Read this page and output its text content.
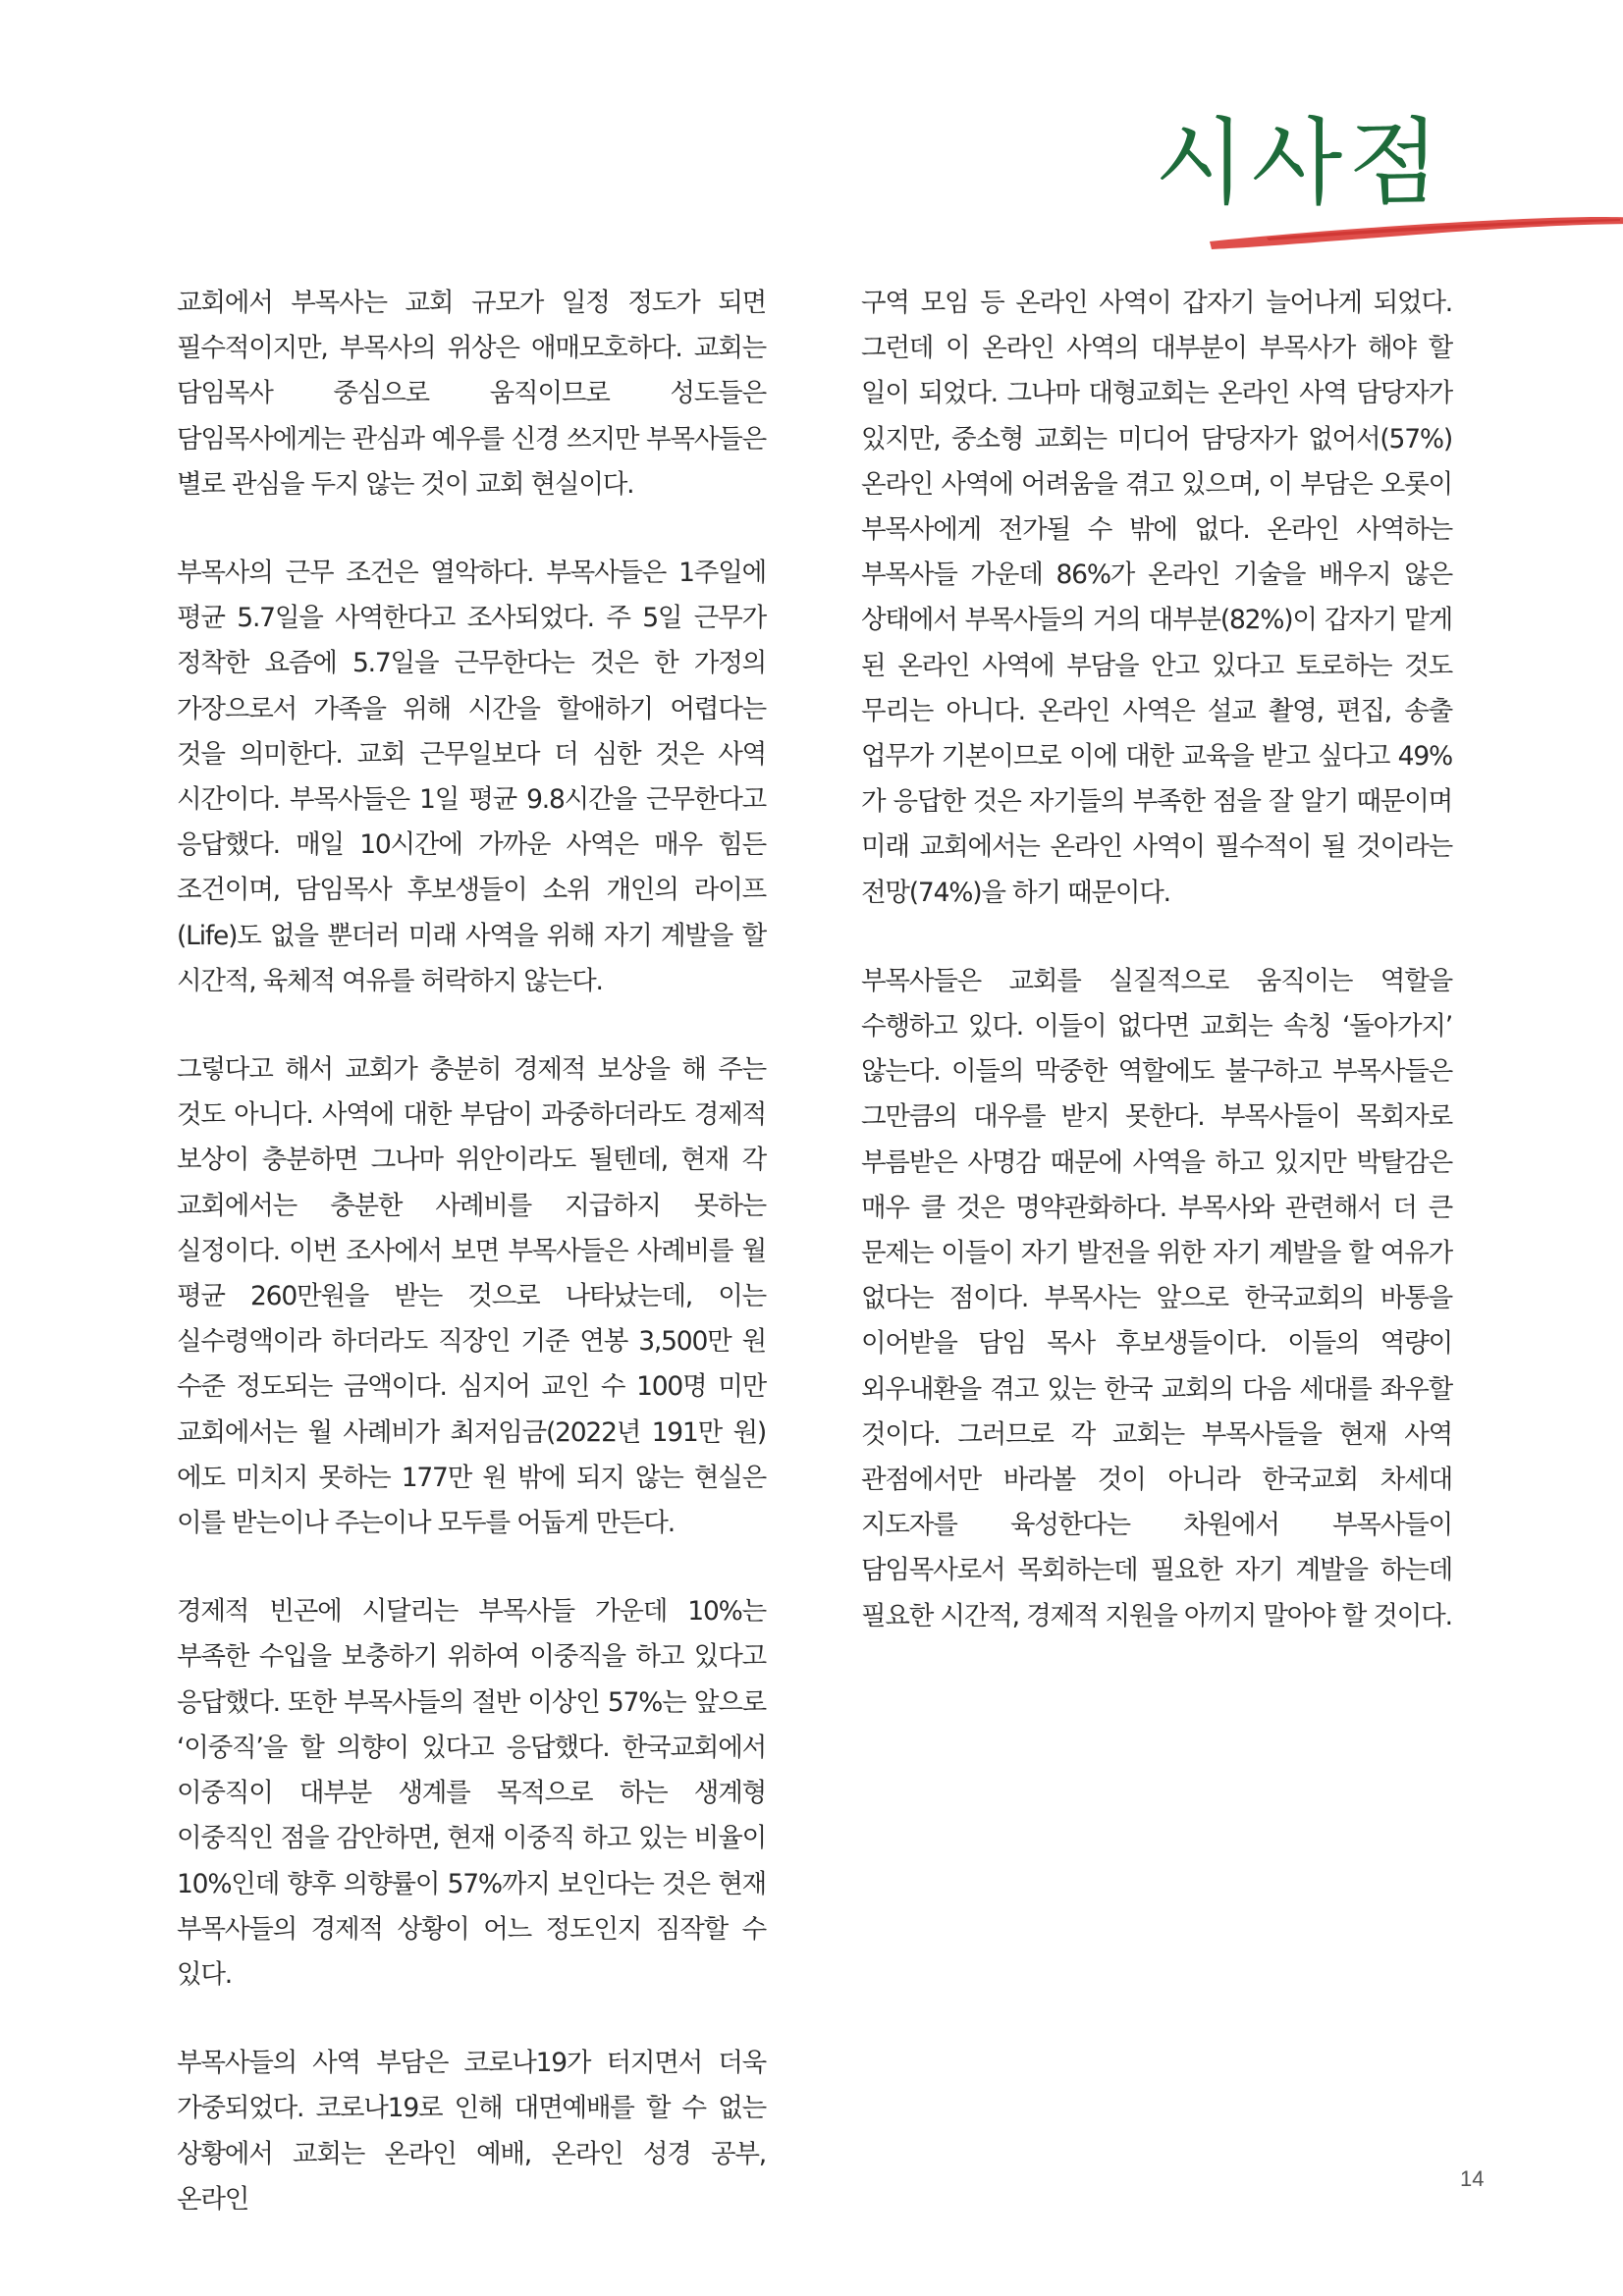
시사점

교회에서 부목사는 교회 규모가 일정 정도가 되면 필수적이지만, 부목사의 위상은 애매모호하다. 교회는 담임목사 중심으로 움직이므로 성도들은 담임목사에게는 관심과 예우를 신경 쓰지만 부목사들은 별로 관심을 두지 않는 것이 교회 현실이다.

부목사의 근무 조건은 열악하다. 부목사들은 1주일에 평균 5.7일을 사역한다고 조사되었다. 주 5일 근무가 정착한 요즘에 5.7일을 근무한다는 것은 한 가정의 가장으로서 가족을 위해 시간을 할애하기 어렵다는 것을 의미한다. 교회 근무일보다 더 심한 것은 사역 시간이다. 부목사들은 1일 평균 9.8시간을 근무한다고 응답했다. 매일 10시간에 가까운 사역은 매우 힘든 조건이며, 담임목사 후보생들이 소위 개인의 라이프(Life)도 없을 뿐더러 미래 사역을 위해 자기 계발을 할 시간적, 육체적 여유를 허락하지 않는다.

그렇다고 해서 교회가 충분히 경제적 보상을 해 주는 것도 아니다. 사역에 대한 부담이 과중하더라도 경제적 보상이 충분하면 그나마 위안이라도 될텐데, 현재 각 교회에서는 충분한 사례비를 지급하지 못하는 실정이다. 이번 조사에서 보면 부목사들은 사례비를 월 평균 260만원을 받는 것으로 나타났는데, 이는 실수령액이라 하더라도 직장인 기준 연봉 3,500만 원 수준 정도되는 금액이다. 심지어 교인 수 100명 미만 교회에서는 월 사례비가 최저임금(2022년 191만 원)에도 미치지 못하는 177만 원 밖에 되지 않는 현실은 이를 받는이나 주는이나 모두를 어둡게 만든다.

경제적 빈곤에 시달리는 부목사들 가운데 10%는 부족한 수입을 보충하기 위하여 이중직을 하고 있다고 응답했다. 또한 부목사들의 절반 이상인 57%는 앞으로 ‘이중직’을 할 의향이 있다고 응답했다. 한국교회에서 이중직이 대부분 생계를 목적으로 하는 생계형 이중직인 점을 감안하면, 현재 이중직 하고 있는 비율이 10%인데 향후 의향률이 57%까지 보인다는 것은 현재 부목사들의 경제적 상황이 어느 정도인지 짐작할 수 있다.

부목사들의 사역 부담은 코로나19가 터지면서 더욱 가중되었다. 코로나19로 인해 대면예배를 할 수 없는 상황에서 교회는 온라인 예배, 온라인 성경 공부, 온라인

구역 모임 등 온라인 사역이 갑자기 늘어나게 되었다. 그런데 이 온라인 사역의 대부분이 부목사가 해야 할 일이 되었다. 그나마 대형교회는 온라인 사역 담당자가 있지만, 중소형 교회는 미디어 담당자가 없어서(57%) 온라인 사역에 어려움을 겪고 있으며, 이 부담은 오롯이 부목사에게 전가될 수 밖에 없다. 온라인 사역하는 부목사들 가운데 86%가 온라인 기술을 배우지 않은 상태에서 부목사들의 거의 대부분(82%)이 갑자기 맡게 된 온라인 사역에 부담을 안고 있다고 토로하는 것도 무리는 아니다. 온라인 사역은 설교 촬영, 편집, 송출 업무가 기본이므로 이에 대한 교육을 받고 싶다고 49%가 응답한 것은 자기들의 부족한 점을 잘 알기 때문이며 미래 교회에서는 온라인 사역이 필수적이 될 것이라는 전망(74%)을 하기 때문이다.

부목사들은 교회를 실질적으로 움직이는 역할을 수행하고 있다. 이들이 없다면 교회는 속칭 ‘돌아가지’ 않는다. 이들의 막중한 역할에도 불구하고 부목사들은 그만큼의 대우를 받지 못한다. 부목사들이 목회자로 부름받은 사명감 때문에 사역을 하고 있지만 박탈감은 매우 클 것은 명약관화하다. 부목사와 관련해서 더 큰 문제는 이들이 자기 발전을 위한 자기 계발을 할 여유가 없다는 점이다. 부목사는 앞으로 한국교회의 바통을 이어받을 담임 목사 후보생들이다. 이들의 역량이 외우내환을 겪고 있는 한국 교회의 다음 세대를 좌우할 것이다. 그러므로 각 교회는 부목사들을 현재 사역 관점에서만 바라볼 것이 아니라 한국교회 차세대 지도자를 육성한다는 차원에서 부목사들이 담임목사로서 목회하는데 필요한 자기 계발을 하는데 필요한 시간적, 경제적 지원을 아끼지 말아야 할 것이다.

14
